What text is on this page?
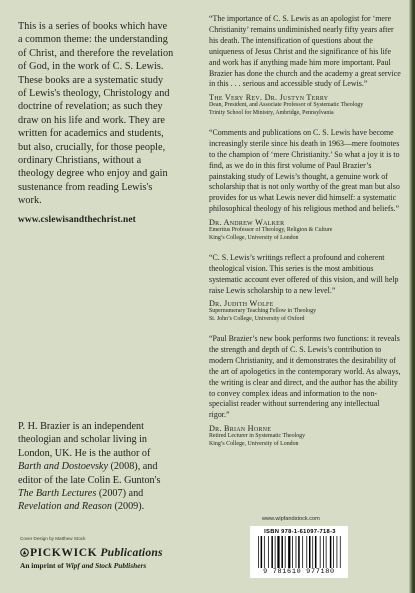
This is a series of books which have a common theme: the understanding of Christ, and therefore the revelation of God, in the work of C. S. Lewis. These books are a systematic study of Lewis's theology, Christology and doctrine of revelation; as such they draw on his life and work. They are written for academics and students, but also, crucially, for those people, ordinary Christians, without a theology degree who enjoy and gain sustenance from reading Lewis's work.

www.cslewisandthechrist.net
P. H. Brazier is an independent theologian and scholar living in London, UK. He is the author of Barth and Dostoevsky (2008), and editor of the late Colin E. Gunton's The Barth Lectures (2007) and Revelation and Reason (2009).
Cover Design by Matthew Stock
PICKWICK Publications
An imprint of Wipf and Stock Publishers

“The importance of C. S. Lewis as an apologist for ‘mere Christianity’ remains undiminished nearly fifty years after his death. The intensification of questions about the uniqueness of Jesus Christ and the significance of his life and work has if anything made him more important. Paul Brazier has done the church and the academy a great service in this . . . serious and accessible study of Lewis.”

The Very Rev. Dr. Justyn Terry
Dean, President, and Associate Professor of Systematic Theology
Trinity School for Ministry, Ambridge, Pennsylvania

“Comments and publications on C. S. Lewis have become increasingly sterile since his death in 1963—mere footnotes to the champion of ‘mere Christianity.’ So what a joy it is to find, as we do in this first volume of Paul Brazier’s painstaking study of Lewis’s thought, a genuine work of scholarship that is not only worthy of the great man but also provides for us what Lewis never did himself: a systematic philosophical theology of his religious method and beliefs.”

Dr. Andrew Walker
Emeritus Professor of Theology, Religion & Culture
King’s College, University of London

“C. S. Lewis’s writings reflect a profound and coherent theological vision. This series is the most ambitious systematic account ever offered of this vision, and will help raise Lewis scholarship to a new level.”

Dr. Judith Wolfe
Supernumerary Teaching Fellow in Theology
St. John’s College, University of Oxford

“Paul Brazier’s new book performs two functions: it reveals the strength and depth of C. S. Lewis’s contribution to modern Christianity, and it demonstrates the desirability of the art of apologetics in the contemporary world. As always, the writing is clear and direct, and the author has the ability to convey complex ideas and information to the non-specialist reader without surrendering any intellectual rigor.”

Dr. Brian Horne
Retired Lecturer in Systematic Theology
King’s College, University of London
www.wipfandstock.com
ISBN 978-1-61097-718-3
9 781610 977180
